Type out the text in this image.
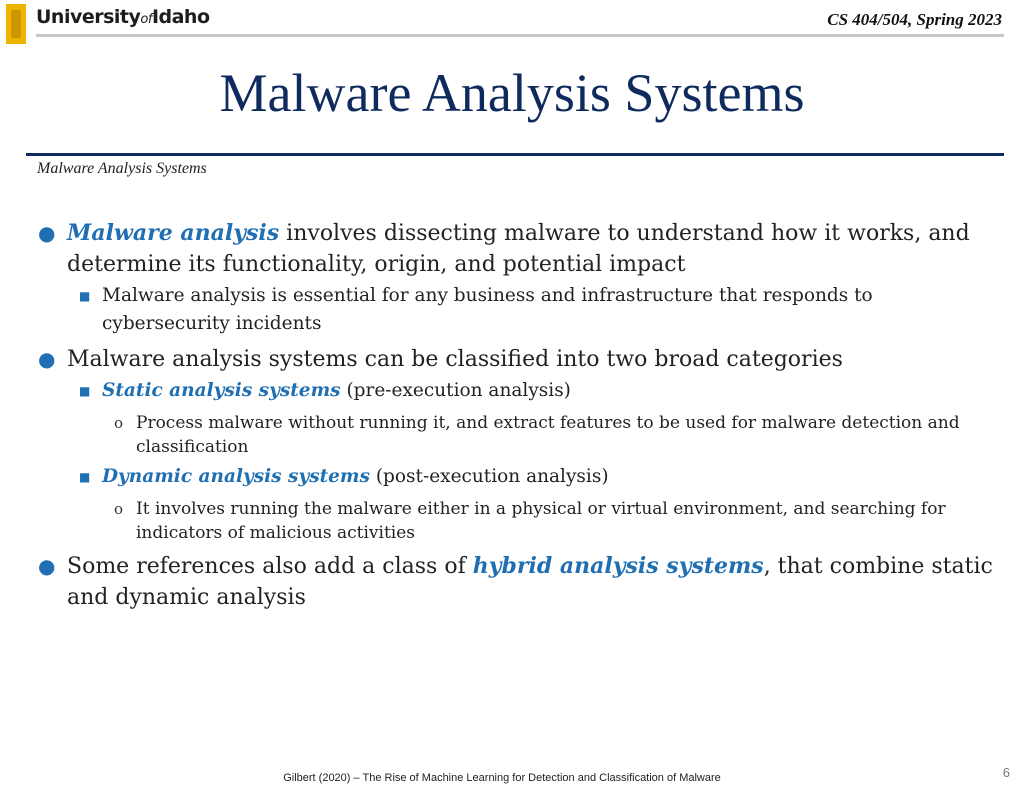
UniversityofIdaho	CS 404/504, Spring 2023
Malware Analysis Systems
Malware Analysis Systems
● Malware analysis involves dissecting malware to understand how it works, and determine its functionality, origin, and potential impact
■ Malware analysis is essential for any business and infrastructure that responds to cybersecurity incidents
● Malware analysis systems can be classified into two broad categories
■ Static analysis systems (pre-execution analysis)
o Process malware without running it, and extract features to be used for malware detection and classification
■ Dynamic analysis systems (post-execution analysis)
o It involves running the malware either in a physical or virtual environment, and searching for indicators of malicious activities
● Some references also add a class of hybrid analysis systems, that combine static and dynamic analysis
Gilbert (2020) – The Rise of Machine Learning for Detection and Classification of Malware	6
